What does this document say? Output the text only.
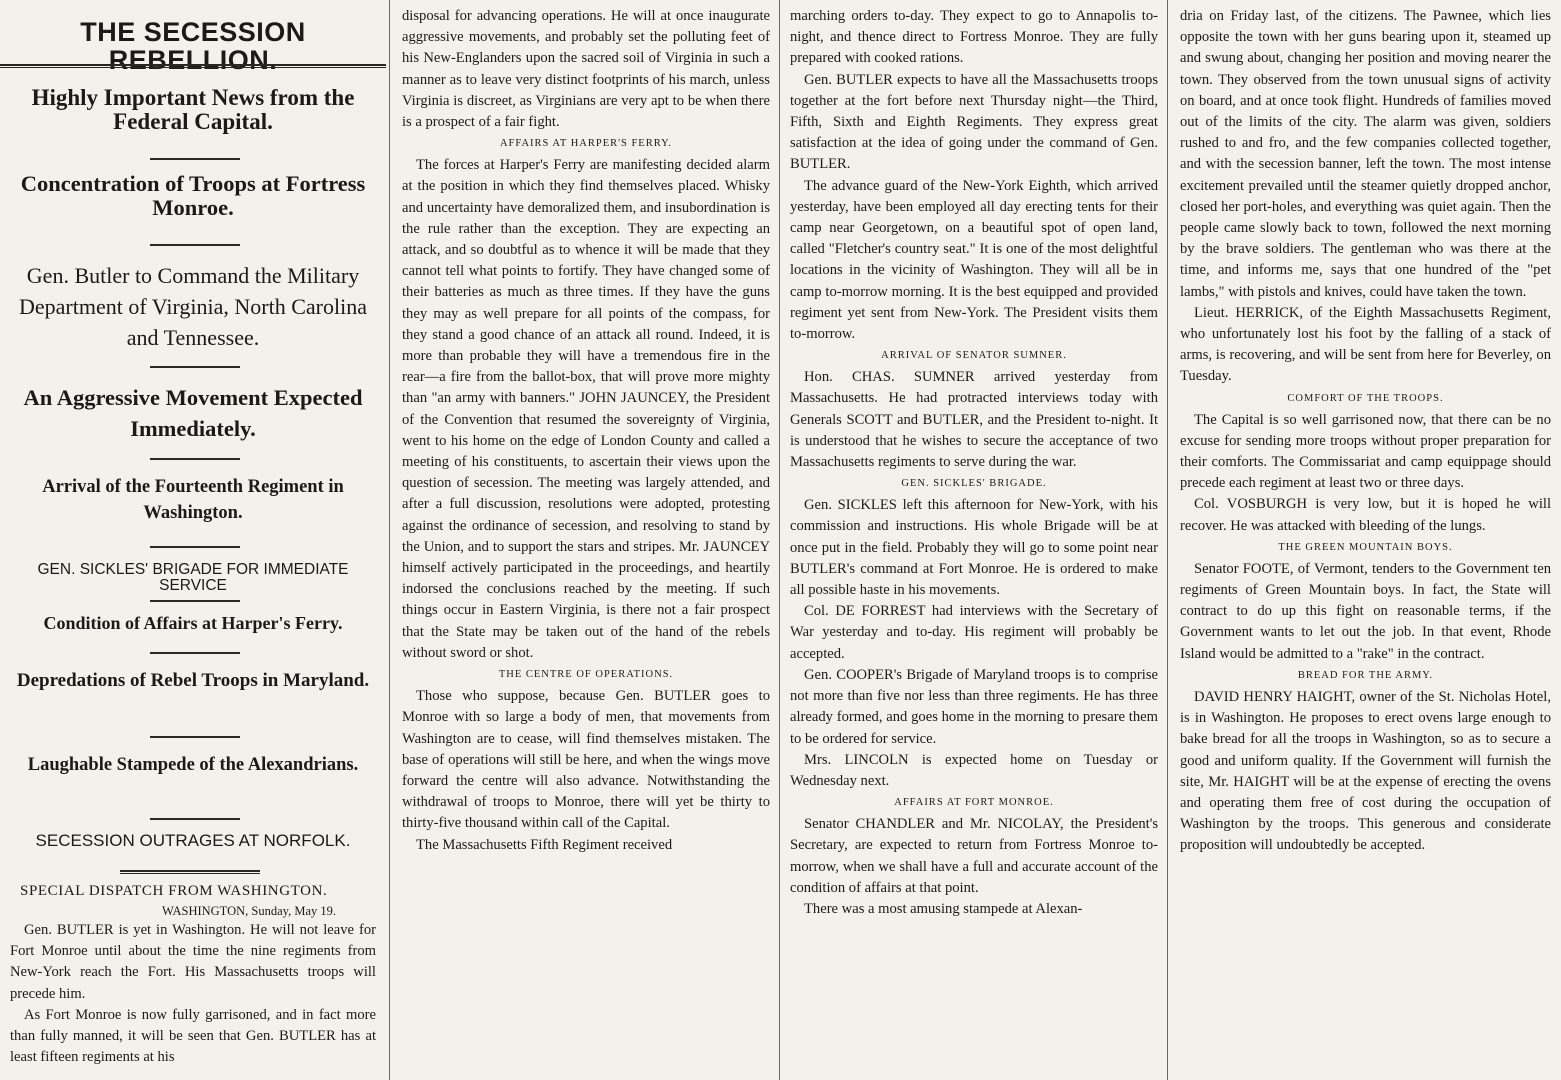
THE SECESSION REBELLION.
Highly Important News from the Federal Capital.
Concentration of Troops at Fortress Monroe.
Gen. Butler to Command the Military Department of Virginia, North Carolina and Tennessee.
An Aggressive Movement Expected Immediately.
Arrival of the Fourteenth Regiment in Washington.
GEN. SICKLES' BRIGADE FOR IMMEDIATE SERVICE
Condition of Affairs at Harper's Ferry.
Depredations of Rebel Troops in Maryland.
Laughable Stampede of the Alexandrians.
SECESSION OUTRAGES AT NORFOLK.

SPECIAL DISPATCH FROM WASHINGTON.

WASHINGTON, Sunday, May 19.

Gen. BUTLER is yet in Washington. He will not leave for Fort Monroe until about the time the nine regiments from New-York reach the Fort. His Massachusetts troops will precede him.

As Fort Monroe is now fully garrisoned, and in fact more than fully manned, it will be seen that Gen. BUTLER has at least fifteen regiments at his

disposal for advancing operations. He will at once inaugurate aggressive movements, and probably set the polluting feet of his New-Englanders upon the sacred soil of Virginia in such a manner as to leave very distinct footprints of his march, unless Virginia is discreet, as Virginians are very apt to be when there is a prospect of a fair fight.

AFFAIRS AT HARPER'S FERRY.

The forces at Harper's Ferry are manifesting decided alarm at the position in which they find themselves placed. Whisky and uncertainty have demoralized them, and insubordination is the rule rather than the exception. They are expecting an attack, and so doubtful as to whence it will be made that they cannot tell what points to fortify. They have changed some of their batteries as much as three times. If they have the guns they may as well prepare for all points of the compass, for they stand a good chance of an attack all round. Indeed, it is more than probable they will have a tremendous fire in the rear—a fire from the ballot-box, that will prove more mighty than "an army with banners." JOHN JAUNCEY, the President of the Convention that resumed the sovereignty of Virginia, went to his home on the edge of London County and called a meeting of his constituents, to ascertain their views upon the question of secession. The meeting was largely attended, and after a full discussion, resolutions were adopted, protesting against the ordinance of secession, and resolving to stand by the Union, and to support the stars and stripes. Mr. JAUNCEY himself actively participated in the proceedings, and heartily indorsed the conclusions reached by the meeting. If such things occur in Eastern Virginia, is there not a fair prospect that the State may be taken out of the hand of the rebels without sword or shot.

THE CENTRE OF OPERATIONS.

Those who suppose, because Gen. BUTLER goes to Monroe with so large a body of men, that movements from Washington are to cease, will find themselves mistaken. The base of operations will still be here, and when the wings move forward the centre will also advance. Notwithstanding the withdrawal of troops to Monroe, there will yet be thirty to thirty-five thousand within call of the Capital.

The Massachusetts Fifth Regiment received

marching orders to-day. They expect to go to Annapolis to-night, and thence direct to Fortress Monroe. They are fully prepared with cooked rations.

Gen. BUTLER expects to have all the Massachusetts troops together at the fort before next Thursday night—the Third, Fifth, Sixth and Eighth Regiments. They express great satisfaction at the idea of going under the command of Gen. BUTLER.

The advance guard of the New-York Eighth, which arrived yesterday, have been employed all day erecting tents for their camp near Georgetown, on a beautiful spot of open land, called "Fletcher's country seat." It is one of the most delightful locations in the vicinity of Washington. They will all be in camp to-morrow morning. It is the best equipped and provided regiment yet sent from New-York. The President visits them to-morrow.

ARRIVAL OF SENATOR SUMNER.

Hon. CHAS. SUMNER arrived yesterday from Massachusetts. He had protracted interviews today with Generals SCOTT and BUTLER, and the President to-night. It is understood that he wishes to secure the acceptance of two Massachusetts regiments to serve during the war.

GEN. SICKLES' BRIGADE.

Gen. SICKLES left this afternoon for New-York, with his commission and instructions. His whole Brigade will be at once put in the field. Probably they will go to some point near BUTLER's command at Fort Monroe. He is ordered to make all possible haste in his movements.

Col. DE FORREST had interviews with the Secretary of War yesterday and to-day. His regiment will probably be accepted.

Gen. COOPER's Brigade of Maryland troops is to comprise not more than five nor less than three regiments. He has three already formed, and goes home in the morning to presare them to be ordered for service.

Mrs. LINCOLN is expected home on Tuesday or Wednesday next.

AFFAIRS AT FORT MONROE.

Senator CHANDLER and Mr. NICOLAY, the President's Secretary, are expected to return from Fortress Monroe to-morrow, when we shall have a full and accurate account of the condition of affairs at that point.

There was a most amusing stampede at Alexan-

dria on Friday last, of the citizens. The Pawnee, which lies opposite the town with her guns bearing upon it, steamed up and swung about, changing her position and moving nearer the town. They observed from the town unusual signs of activity on board, and at once took flight. Hundreds of families moved out of the limits of the city. The alarm was given, soldiers rushed to and fro, and the few companies collected together, and with the secession banner, left the town. The most intense excitement prevailed until the steamer quietly dropped anchor, closed her port-holes, and everything was quiet again. Then the people came slowly back to town, followed the next morning by the brave soldiers. The gentleman who was there at the time, and informs me, says that one hundred of the "pet lambs," with pistols and knives, could have taken the town.

Lieut. HERRICK, of the Eighth Massachusetts Regiment, who unfortunately lost his foot by the falling of a stack of arms, is recovering, and will be sent from here for Beverley, on Tuesday.

COMFORT OF THE TROOPS.

The Capital is so well garrisoned now, that there can be no excuse for sending more troops without proper preparation for their comforts. The Commissariat and camp equippage should precede each regiment at least two or three days.

Col. VOSBURGH is very low, but it is hoped he will recover. He was attacked with bleeding of the lungs.

THE GREEN MOUNTAIN BOYS.

Senator FOOTE, of Vermont, tenders to the Government ten regiments of Green Mountain boys. In fact, the State will contract to do up this fight on reasonable terms, if the Government wants to let out the job. In that event, Rhode Island would be admitted to a "rake" in the contract.

BREAD FOR THE ARMY.

DAVID HENRY HAIGHT, owner of the St. Nicholas Hotel, is in Washington. He proposes to erect ovens large enough to bake bread for all the troops in Washington, so as to secure a good and uniform quality. If the Government will furnish the site, Mr. HAIGHT will be at the expense of erecting the ovens and operating them free of cost during the occupation of Washington by the troops. This generous and considerate proposition will undoubtedly be accepted.
